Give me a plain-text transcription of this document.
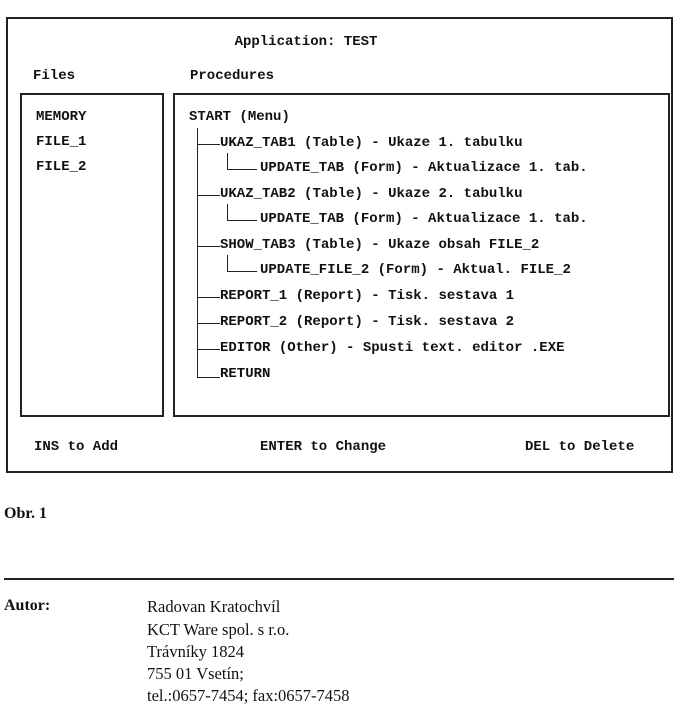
Application: TEST
Files	Procedures
MEMORY
FILE_1
FILE_2
START (Menu)
UKAZ_TAB1 (Table) - Ukaze 1. tabulku
UPDATE_TAB (Form) - Aktualizace 1. tab.
UKAZ_TAB2 (Table) - Ukaze 2. tabulku
UPDATE_TAB (Form) - Aktualizace 1. tab.
SHOW_TAB3 (Table) - Ukaze obsah FILE_2
UPDATE_FILE_2 (Form) - Aktual. FILE_2
REPORT_1 (Report) - Tisk. sestava 1
REPORT_2 (Report) - Tisk. sestava 2
EDITOR (Other) - Spusti text. editor .EXE
RETURN
INS to Add	ENTER to Change	DEL to Delete
Obr. 1
Autor:	Radovan Kratochvíl
KCT Ware spol. s r.o.
Trávníky 1824
755 01 Vsetín;
tel.:0657-7454; fax:0657-7458
